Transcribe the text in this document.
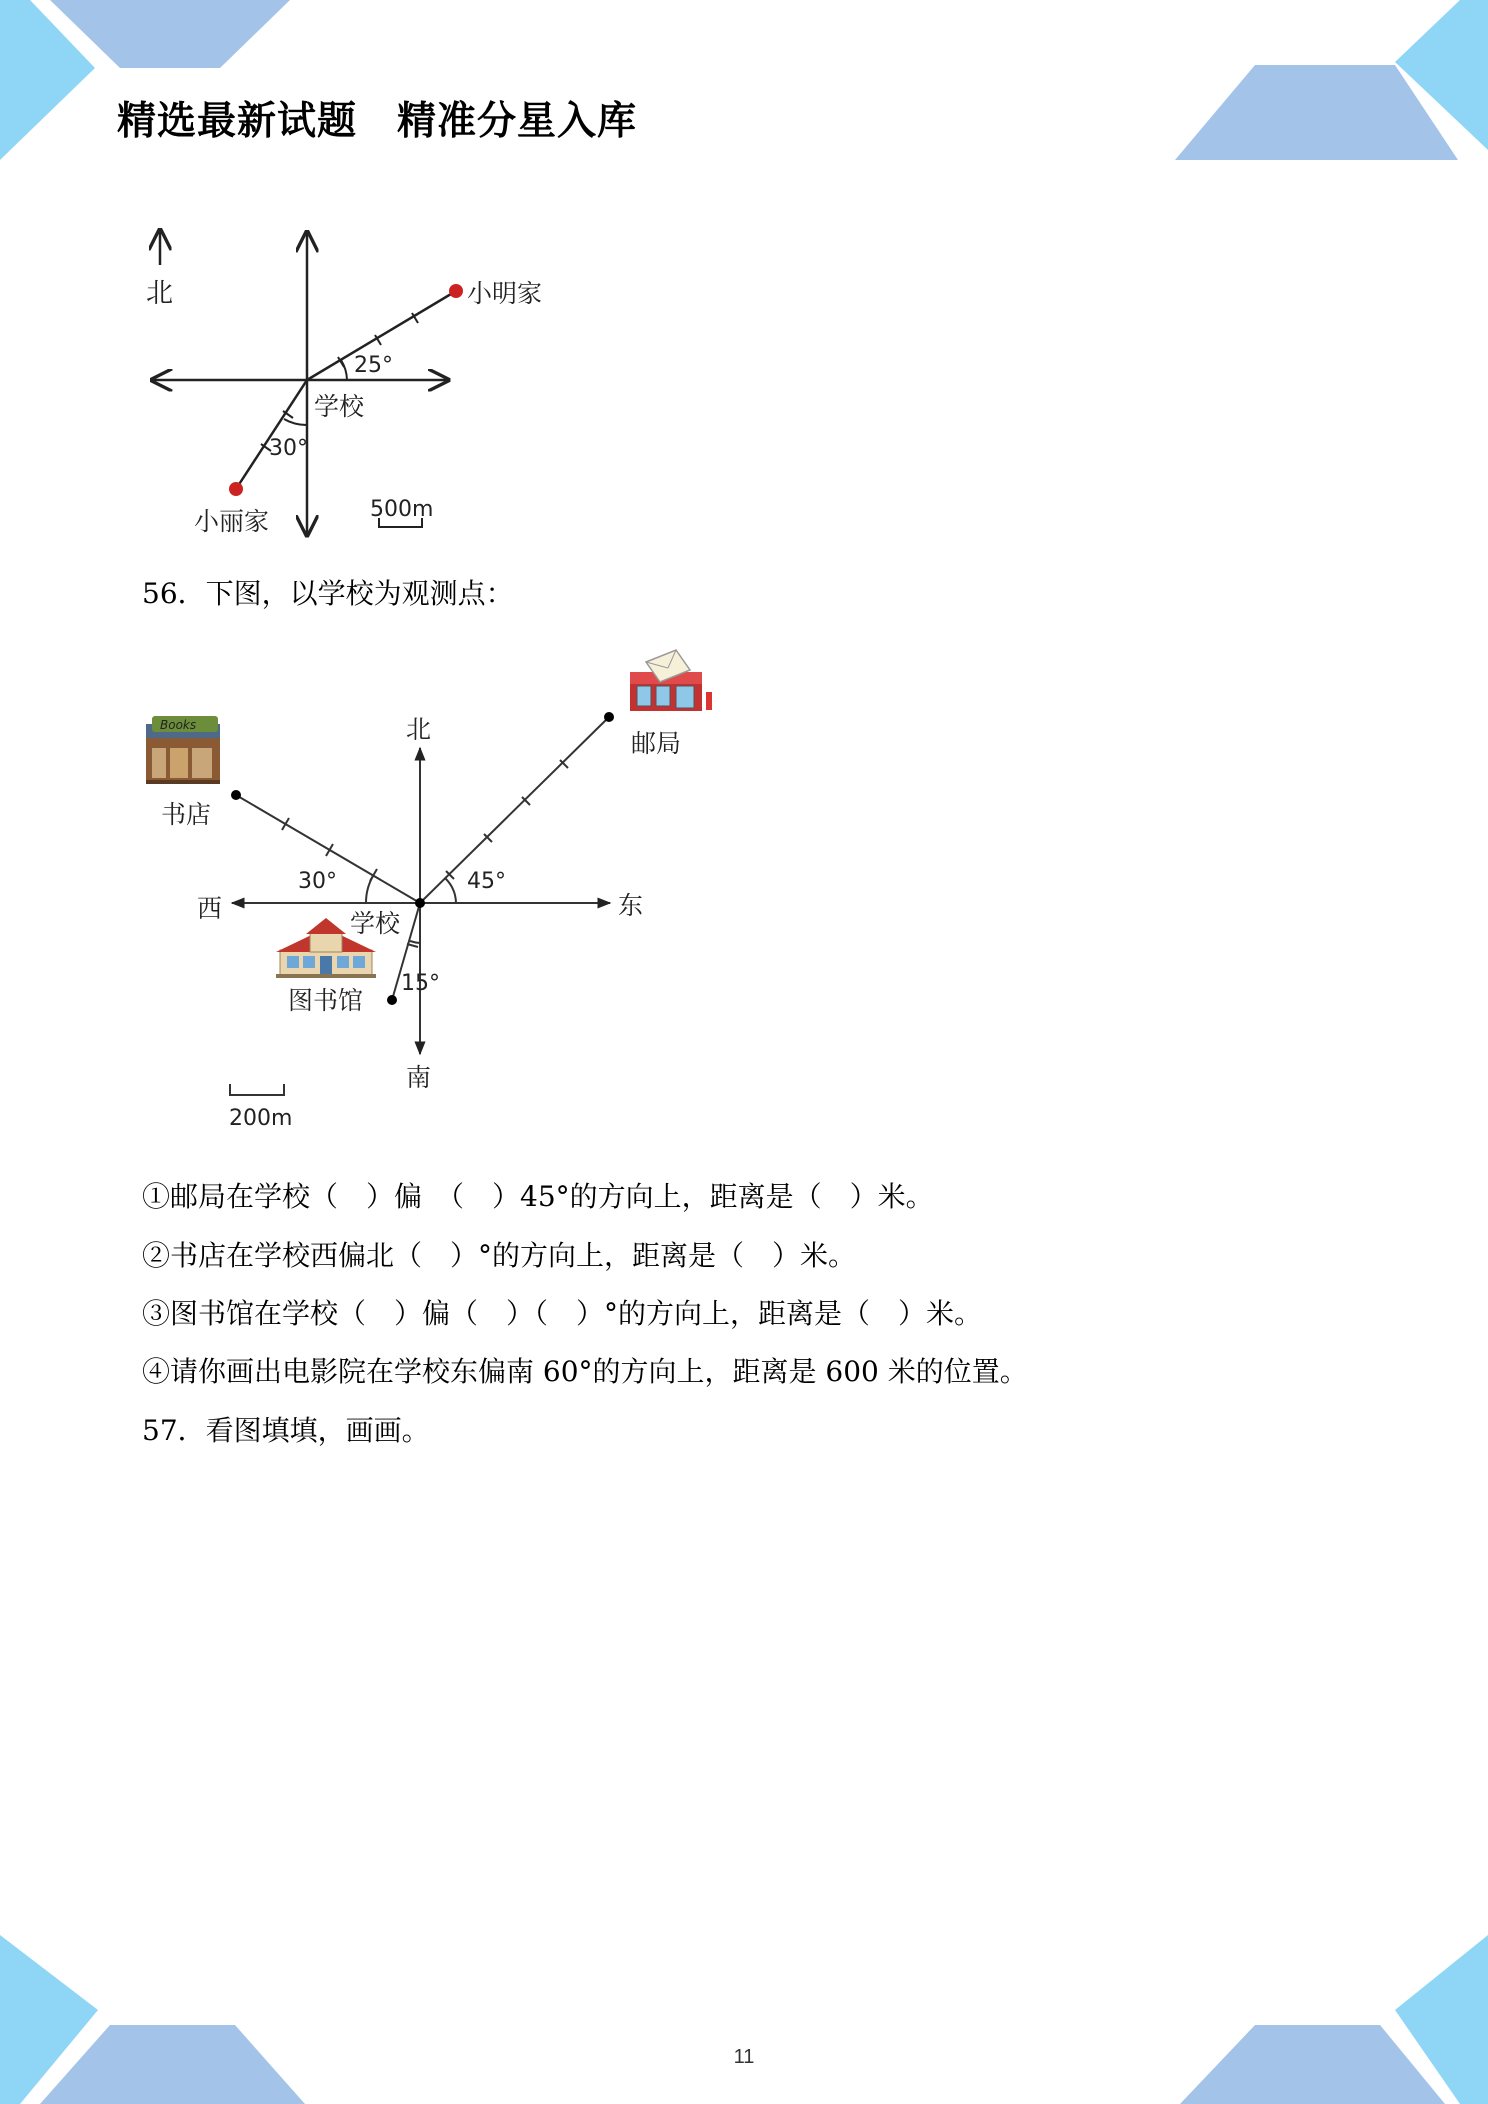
精选最新试题　精准分星入库
北	小明家
25°
学校
小丽家
30°
500m
56．下图，以学校为观测点：
北
南
东
西
45°
30°
15°
学校
邮局
Books
书店
图书馆
200m
①邮局在学校（　）偏　（　）45°的方向上，距离是（　）米。
②书店在学校西偏北（　）°的方向上，距离是（　）米。
③图书馆在学校（　）偏（　）（　）°的方向上，距离是（　）米。
④请你画出电影院在学校东偏南 60°的方向上，距离是 600 米的位置。
57．看图填填，画画。
11
